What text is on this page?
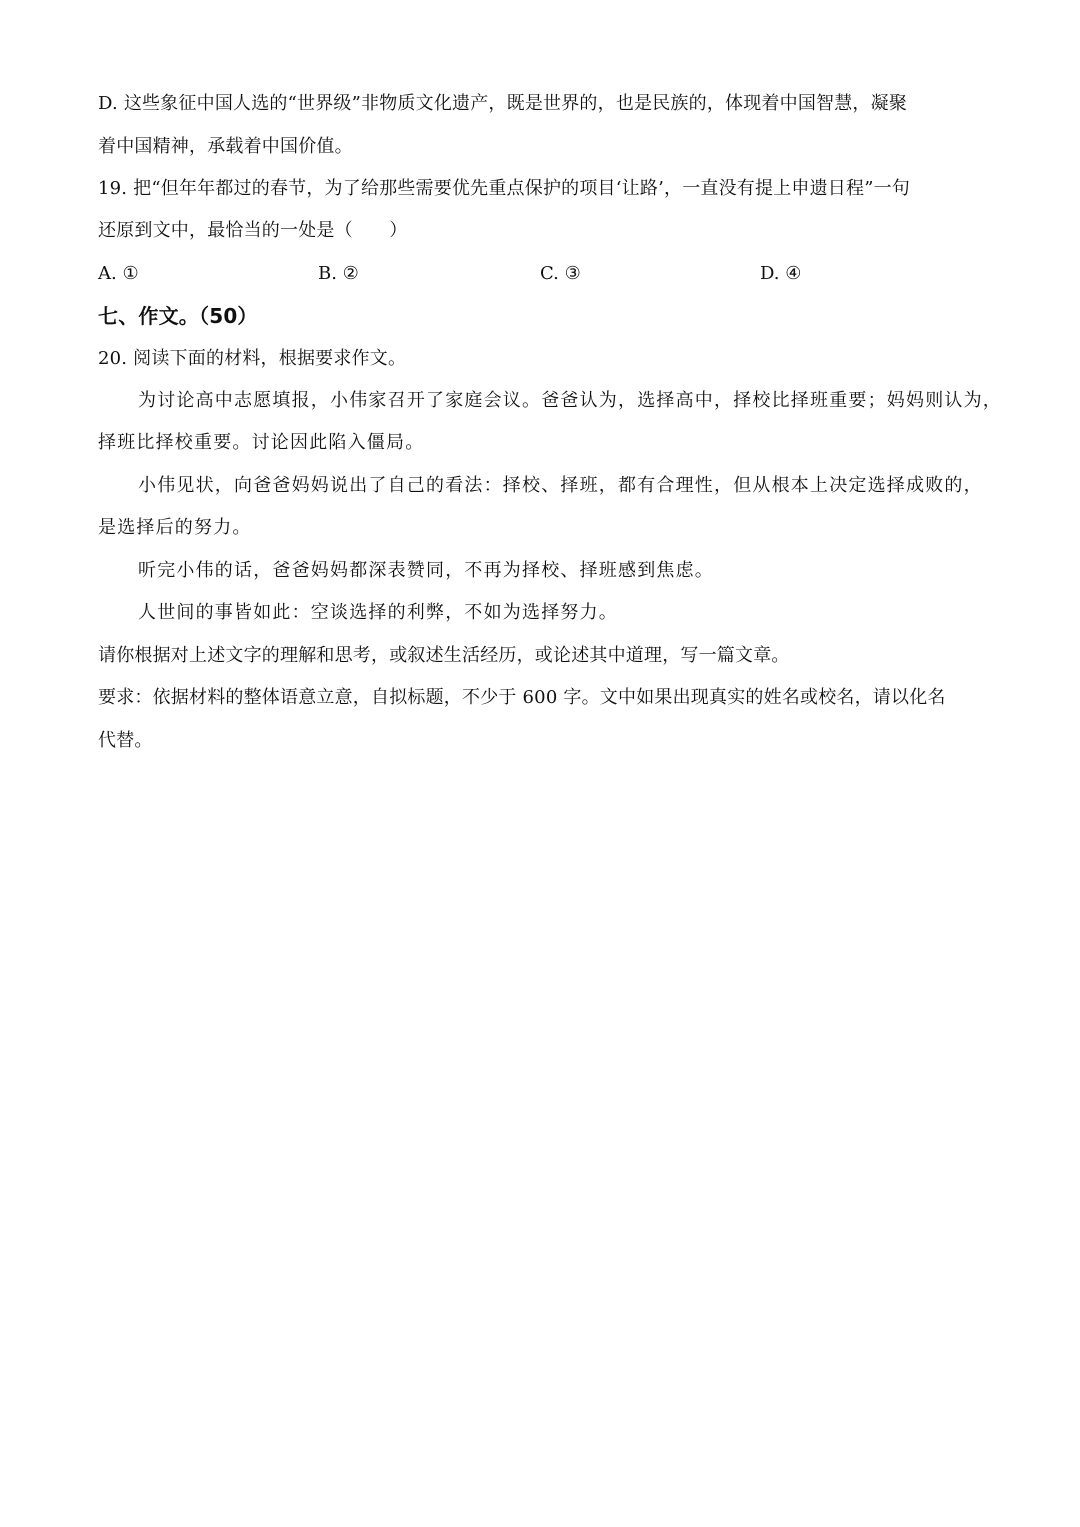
D. 这些象征中国人选的“世界级”非物质文化遗产，既是世界的，也是民族的，体现着中国智慧，凝聚
着中国精神，承载着中国价值。
19. 把“但年年都过的春节，为了给那些需要优先重点保护的项目‘让路’，一直没有提上申遗日程”一句
还原到文中，最恰当的一处是（　　）
A. ①	B. ②	C. ③	D. ④
七、作文。（50）
20. 阅读下面的材料，根据要求作文。
为讨论高中志愿填报，小伟家召开了家庭会议。爸爸认为，选择高中，择校比择班重要；妈妈则认为，
择班比择校重要。讨论因此陷入僵局。
小伟见状，向爸爸妈妈说出了自己的看法：择校、择班，都有合理性，但从根本上决定选择成败的，
是选择后的努力。
听完小伟的话，爸爸妈妈都深表赞同，不再为择校、择班感到焦虑。
人世间的事皆如此：空谈选择的利弊，不如为选择努力。
请你根据对上述文字的理解和思考，或叙述生活经历，或论述其中道理，写一篇文章。
要求：依据材料的整体语意立意，自拟标题，不少于 600 字。文中如果出现真实的姓名或校名，请以化名
代替。
